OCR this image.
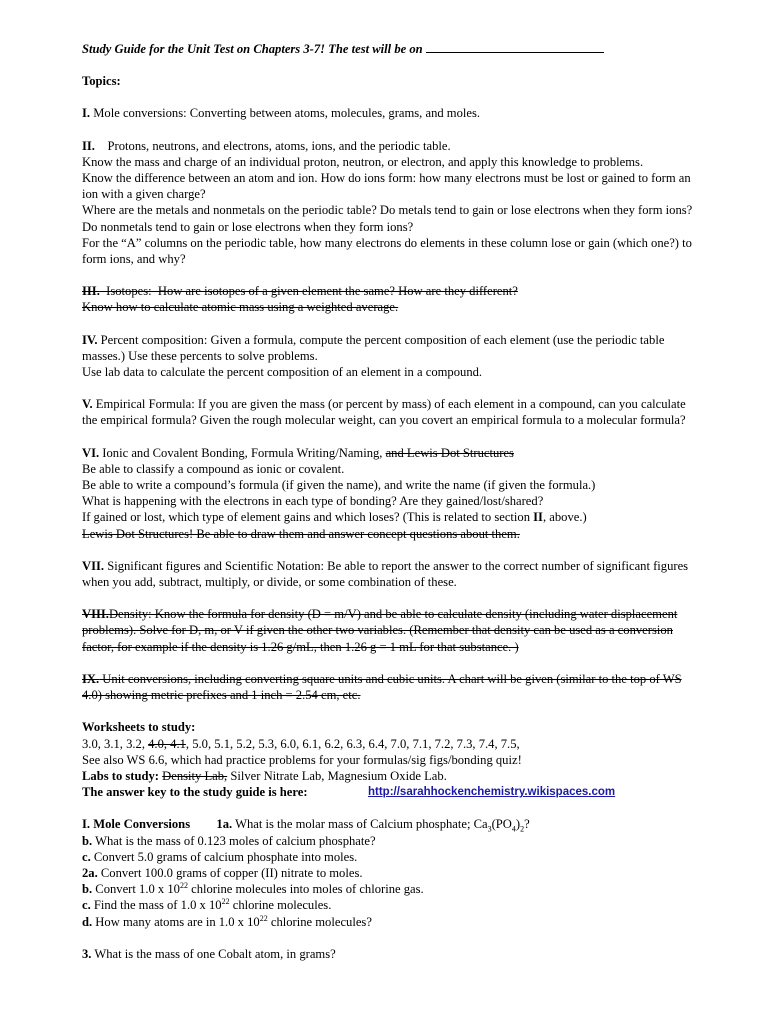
Study Guide for the Unit Test on Chapters 3-7! The test will be on

Topics:

I. Mole conversions: Converting between atoms, molecules, grams, and moles.

II.    Protons, neutrons, and electrons, atoms, ions, and the periodic table.

Know the mass and charge of an individual proton, neutron, or electron, and apply this knowledge to problems.

Know the difference between an atom and ion. How do ions form: how many electrons must be lost or gained to form an ion with a given charge?

Where are the metals and nonmetals on the periodic table? Do metals tend to gain or lose electrons when they form ions? Do nonmetals tend to gain or lose electrons when they form ions?

For the “A” columns on the periodic table, how many electrons do elements in these column lose or gain (which one?) to form ions, and why?

III.  Isotopes:  How are isotopes of a given element the same? How are they different?

Know how to calculate atomic mass using a weighted average.

IV. Percent composition: Given a formula, compute the percent composition of each element (use the periodic table masses.) Use these percents to solve problems.

Use lab data to calculate the percent composition of an element in a compound.

V. Empirical Formula: If you are given the mass (or percent by mass) of each element in a compound, can you calculate the empirical formula? Given the rough molecular weight, can you covert an empirical formula to a molecular formula?

VI. Ionic and Covalent Bonding, Formula Writing/Naming, and Lewis Dot Structures

Be able to classify a compound as ionic or covalent.

Be able to write a compound’s formula (if given the name), and write the name (if given the formula.)

What is happening with the electrons in each type of bonding? Are they gained/lost/shared?

If gained or lost, which type of element gains and which loses? (This is related to section II, above.)

Lewis Dot Structures! Be able to draw them and answer concept questions about them.

VII. Significant figures and Scientific Notation: Be able to report the answer to the correct number of significant figures when you add, subtract, multiply, or divide, or some combination of these.

VIII.Density: Know the formula for density (D = m/V) and be able to calculate density (including water displacement problems). Solve for D, m, or V if given the other two variables. (Remember that density can be used as a conversion factor, for example if the density is 1.26 g/mL, then 1.26 g = 1 mL for that substance. )

IX. Unit conversions, including converting square units and cubic units. A chart will be given (similar to the top of WS 4.0) showing metric prefixes and 1 inch = 2.54 cm, etc.

Worksheets to study:

3.0, 3.1, 3.2, 4.0, 4.1, 5.0, 5.1, 5.2, 5.3, 6.0, 6.1, 6.2, 6.3, 6.4, 7.0, 7.1, 7.2, 7.3, 7.4, 7.5,

See also WS 6.6, which had practice problems for your formulas/sig figs/bonding quiz!

Labs to study: Density Lab, Silver Nitrate Lab, Magnesium Oxide Lab.

The answer key to the study guide is here:	http://sarahhockenchemistry.wikispaces.com

I. Mole Conversions 1a. What is the molar mass of Calcium phosphate; $Ca_3(PO_4)_2$?

b. What is the mass of 0.123 moles of calcium phosphate?

c. Convert 5.0 grams of calcium phosphate into moles.

2a. Convert 100.0 grams of copper (II) nitrate to moles.

b. Convert 1.0 x $10^{22}$ chlorine molecules into moles of chlorine gas.

c. Find the mass of 1.0 x $10^{22}$ chlorine molecules.

d. How many atoms are in 1.0 x $10^{22}$ chlorine molecules?

3. What is the mass of one Cobalt atom, in grams?
